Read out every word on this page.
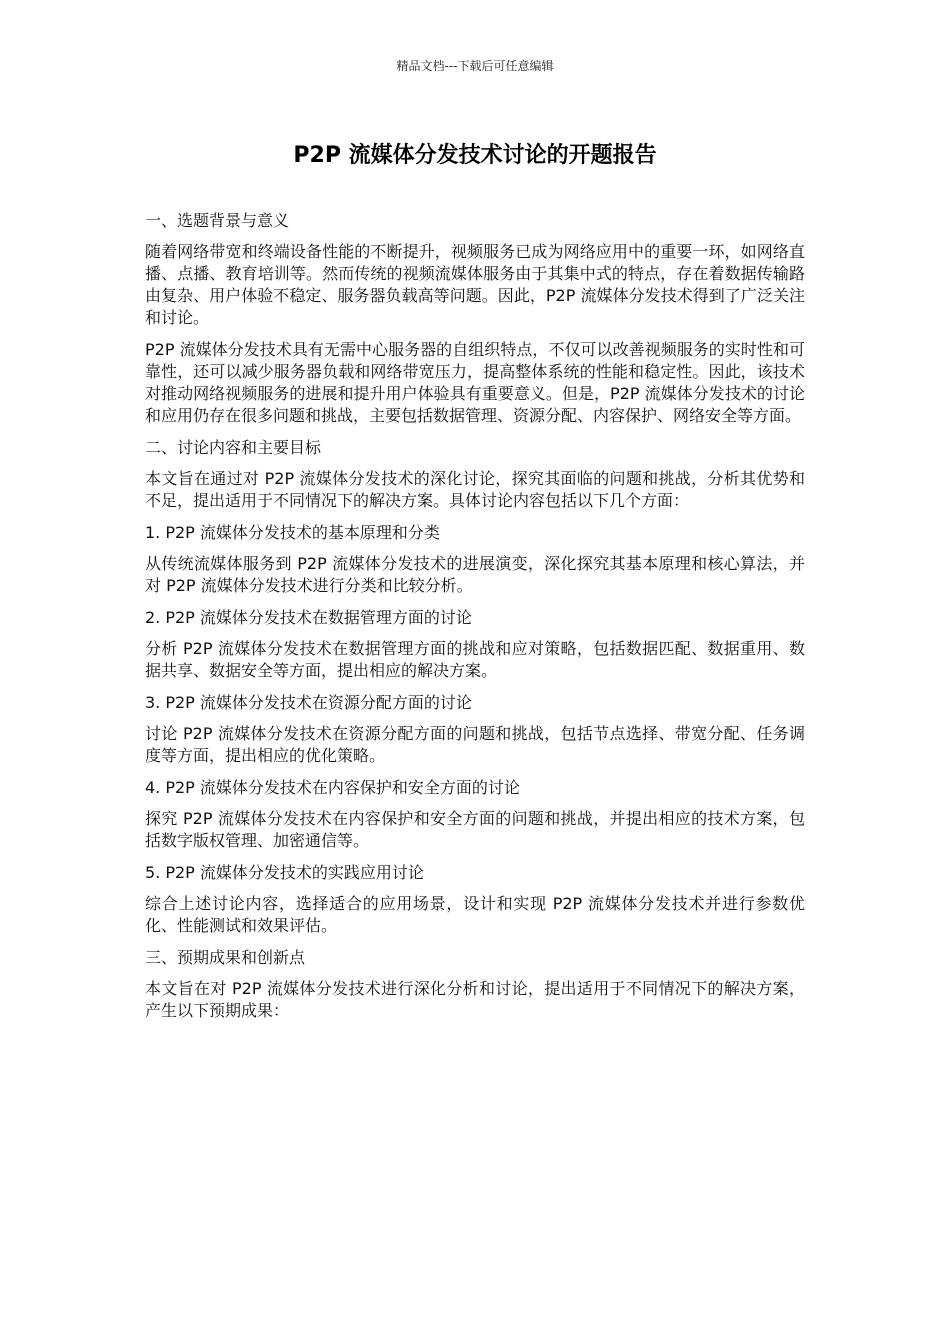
精品文档---下载后可任意编辑
P2P 流媒体分发技术讨论的开题报告

一、选题背景与意义

随着网络带宽和终端设备性能的不断提升，视频服务已成为网络应用中的重要一环，如网络直播、点播、教育培训等。然而传统的视频流媒体服务由于其集中式的特点，存在着数据传输路由复杂、用户体验不稳定、服务器负载高等问题。因此，P2P 流媒体分发技术得到了广泛关注和讨论。

P2P 流媒体分发技术具有无需中心服务器的自组织特点，不仅可以改善视频服务的实时性和可靠性，还可以减少服务器负载和网络带宽压力，提高整体系统的性能和稳定性。因此，该技术对推动网络视频服务的进展和提升用户体验具有重要意义。但是，P2P 流媒体分发技术的讨论和应用仍存在很多问题和挑战，主要包括数据管理、资源分配、内容保护、网络安全等方面。

二、讨论内容和主要目标

本文旨在通过对 P2P 流媒体分发技术的深化讨论，探究其面临的问题和挑战，分析其优势和不足，提出适用于不同情况下的解决方案。具体讨论内容包括以下几个方面：

1. P2P 流媒体分发技术的基本原理和分类

从传统流媒体服务到 P2P 流媒体分发技术的进展演变，深化探究其基本原理和核心算法，并对 P2P 流媒体分发技术进行分类和比较分析。

2. P2P 流媒体分发技术在数据管理方面的讨论

分析 P2P 流媒体分发技术在数据管理方面的挑战和应对策略，包括数据匹配、数据重用、数据共享、数据安全等方面，提出相应的解决方案。

3. P2P 流媒体分发技术在资源分配方面的讨论

讨论 P2P 流媒体分发技术在资源分配方面的问题和挑战，包括节点选择、带宽分配、任务调度等方面，提出相应的优化策略。

4. P2P 流媒体分发技术在内容保护和安全方面的讨论

探究 P2P 流媒体分发技术在内容保护和安全方面的问题和挑战，并提出相应的技术方案，包括数字版权管理、加密通信等。

5. P2P 流媒体分发技术的实践应用讨论

综合上述讨论内容，选择适合的应用场景，设计和实现 P2P 流媒体分发技术并进行参数优化、性能测试和效果评估。

三、预期成果和创新点

本文旨在对 P2P 流媒体分发技术进行深化分析和讨论，提出适用于不同情况下的解决方案，产生以下预期成果：
